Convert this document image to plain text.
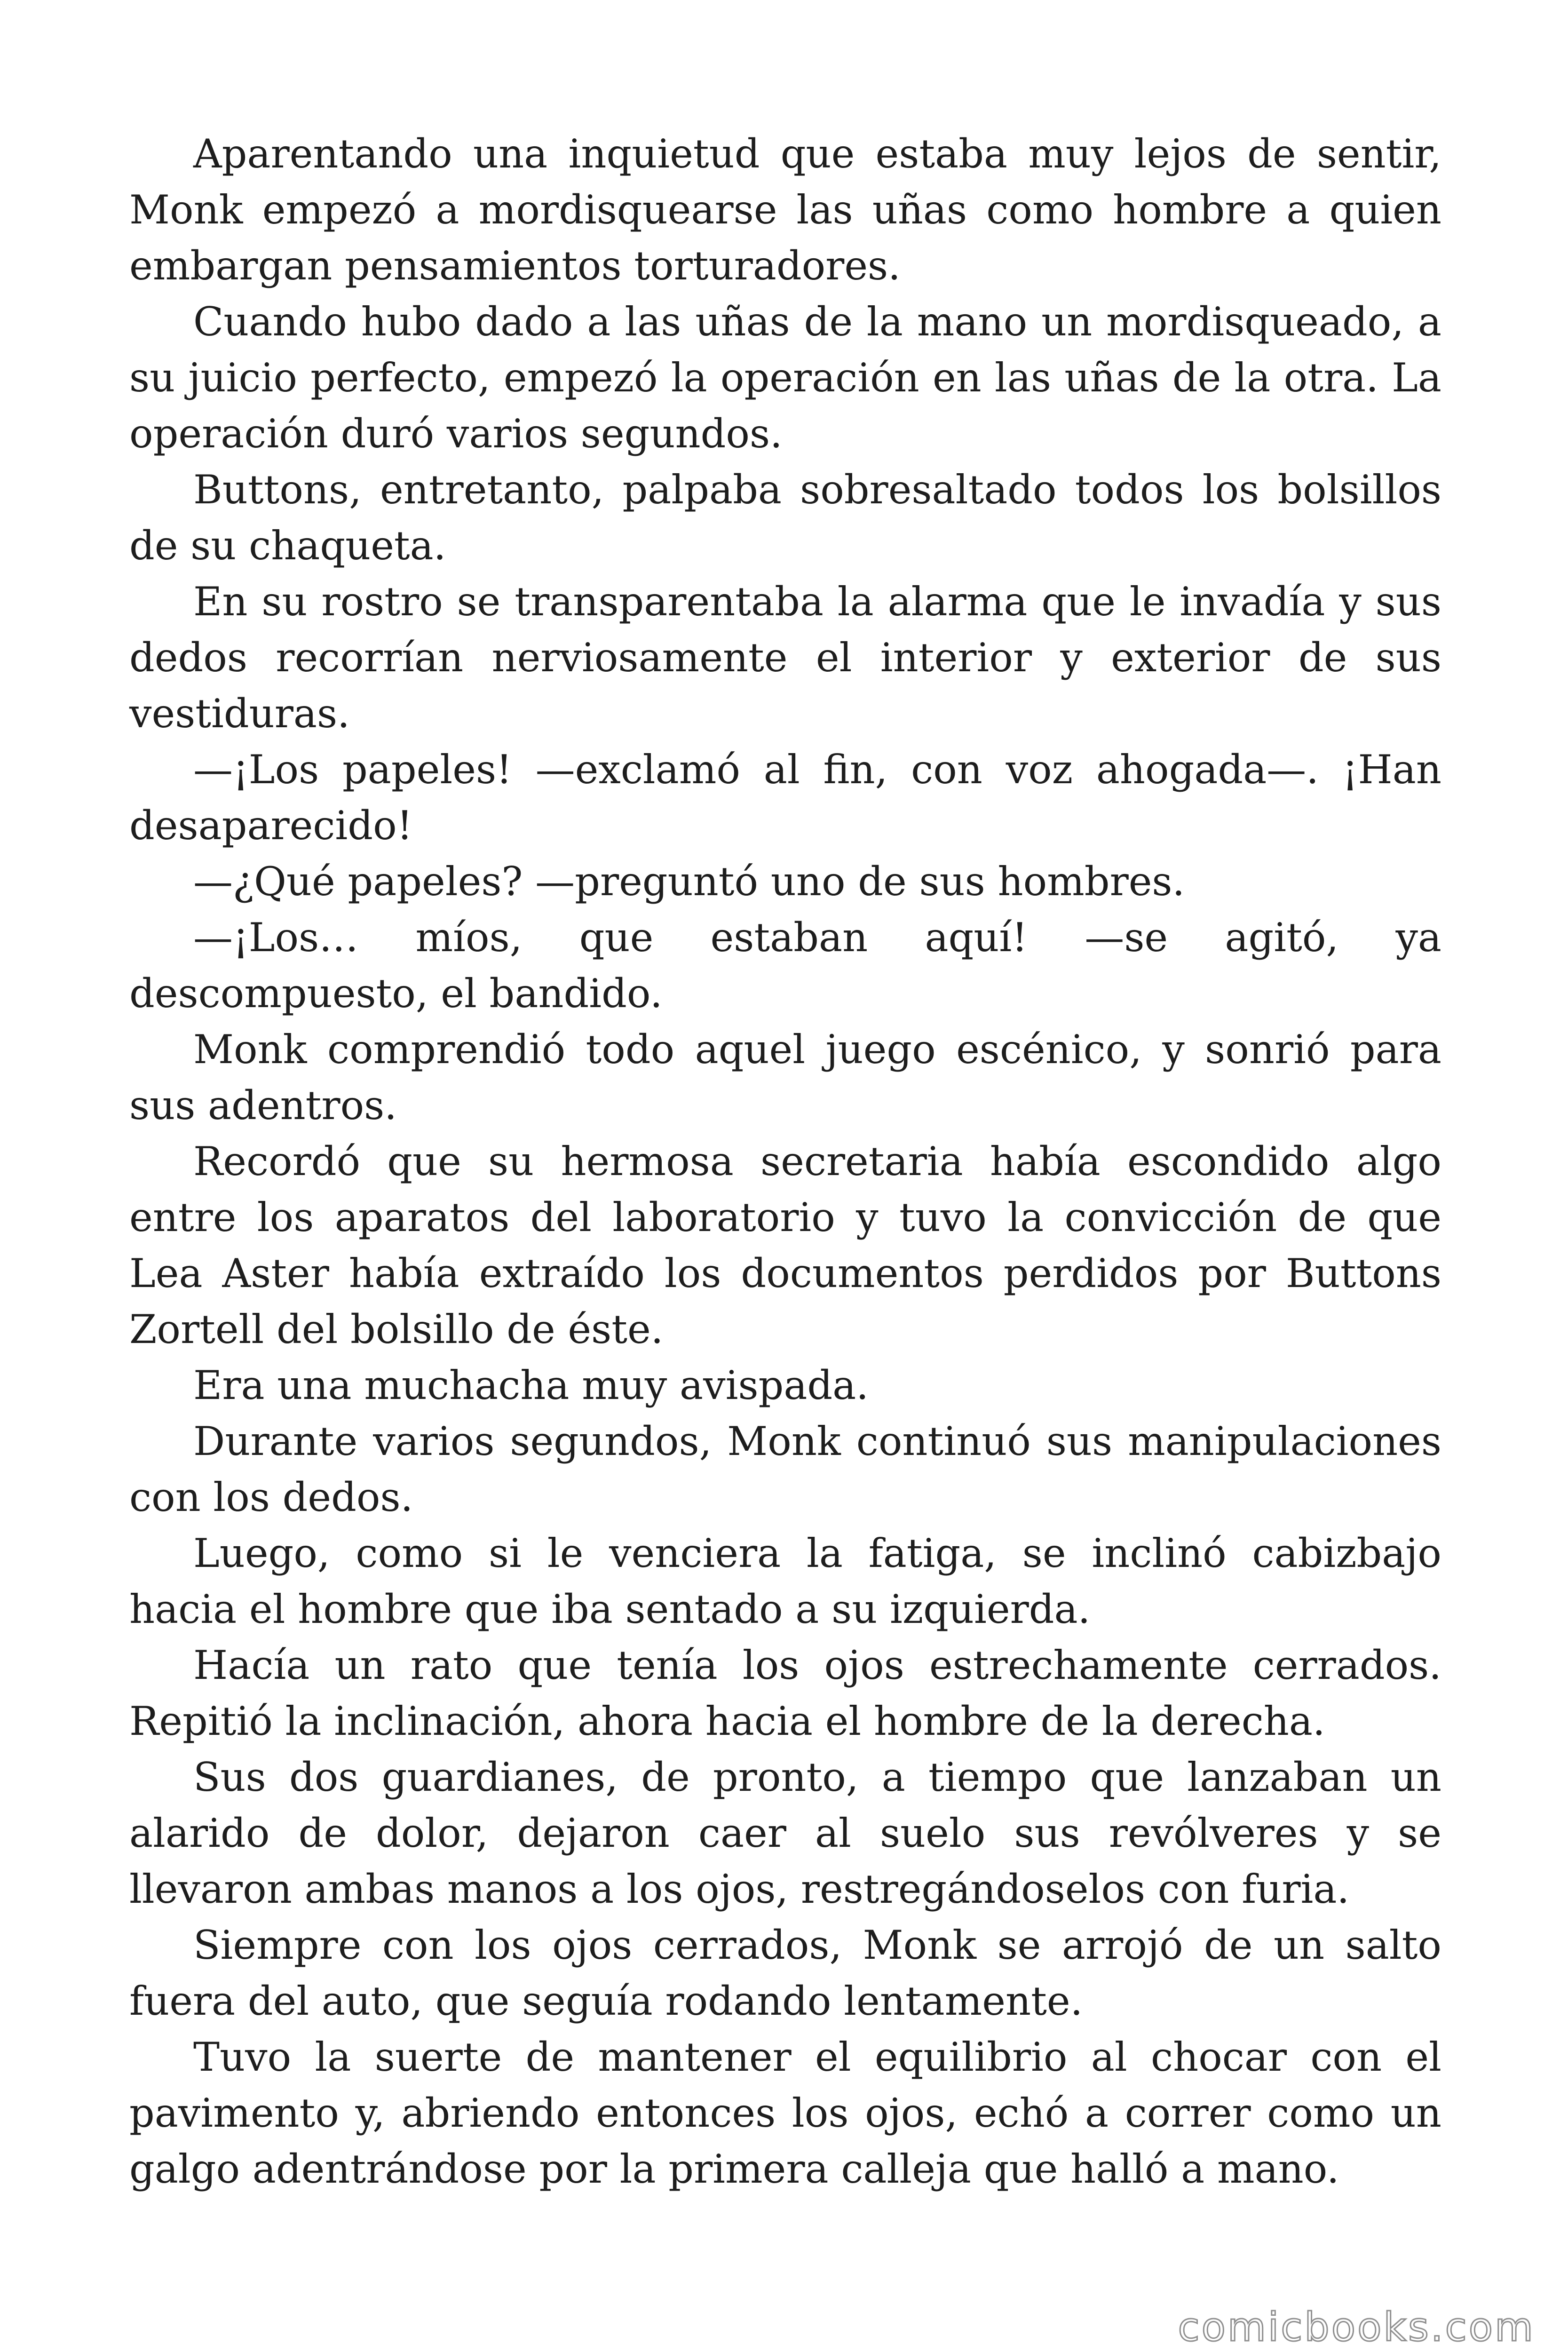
Aparentando una inquietud que estaba muy lejos de sentir, Monk empezó a mordisquearse las uñas como hombre a quien embargan pensamientos torturadores.

Cuando hubo dado a las uñas de la mano un mordisqueado, a su juicio perfecto, empezó la operación en las uñas de la otra. La operación duró varios segundos.

Buttons, entretanto, palpaba sobresaltado todos los bolsillos de su chaqueta.

En su rostro se transparentaba la alarma que le invadía y sus dedos recorrían nerviosamente el interior y exterior de sus vestiduras.

—¡Los papeles! —exclamó al fin, con voz ahogada—. ¡Han desaparecido!

—¿Qué papeles? —preguntó uno de sus hombres.

—¡Los… míos, que estaban aquí! —se agitó, ya descompuesto, el bandido.

Monk comprendió todo aquel juego escénico, y sonrió para sus adentros.

Recordó que su hermosa secretaria había escondido algo entre los aparatos del laboratorio y tuvo la convicción de que Lea Aster había extraído los documentos perdidos por Buttons Zortell del bolsillo de éste.

Era una muchacha muy avispada.

Durante varios segundos, Monk continuó sus manipulaciones con los dedos.

Luego, como si le venciera la fatiga, se inclinó cabizbajo hacia el hombre que iba sentado a su izquierda.

Hacía un rato que tenía los ojos estrechamente cerrados. Repitió la inclinación, ahora hacia el hombre de la derecha.

Sus dos guardianes, de pronto, a tiempo que lanzaban un alarido de dolor, dejaron caer al suelo sus revólveres y se llevaron ambas manos a los ojos, restregándoselos con furia.

Siempre con los ojos cerrados, Monk se arrojó de un salto fuera del auto, que seguía rodando lentamente.

Tuvo la suerte de mantener el equilibrio al chocar con el pavimento y, abriendo entonces los ojos, echó a correr como un galgo adentrándose por la primera calleja que halló a mano.

comicbooks.com
